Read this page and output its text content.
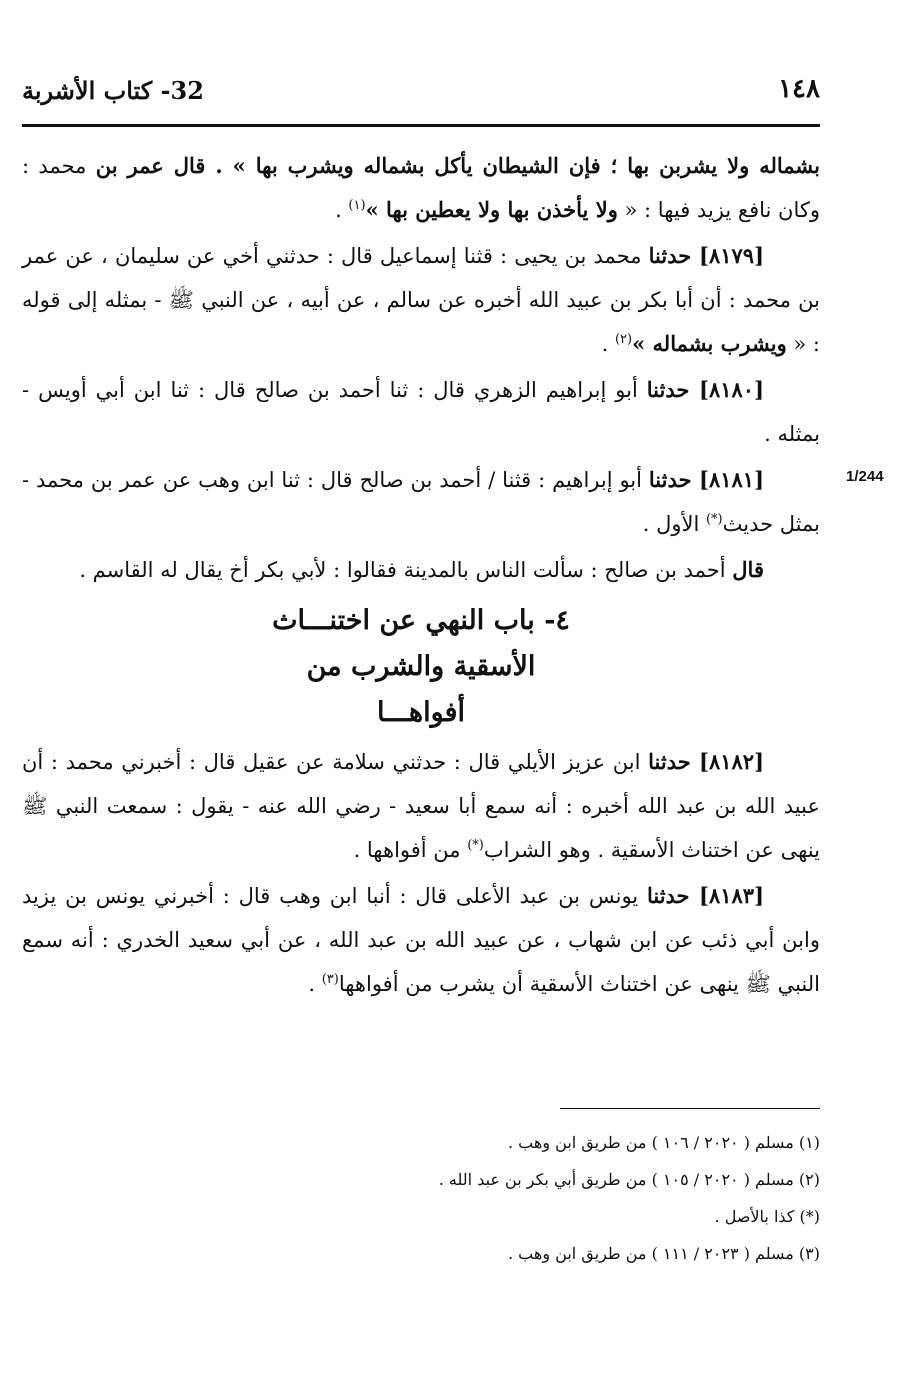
١٤٨
32- كتاب الأشربة
1/244

بشماله ولا يشربن بها ؛ فإن الشيطان يأكل بشماله ويشرب بها » . قال عمر بن محمد : وكان نافع يزيد فيها : « ولا يأخذن بها ولا يعطين بها »$^{(١)}$ .

[٨١٧٩] حدثنا محمد بن يحيى : قثنا إسماعيل قال : حدثني أخي عن سليمان ، عن عمر بن محمد : أن أبا بكر بن عبيد الله أخبره عن سالم ، عن أبيه ، عن النبي ﷺ - بمثله إلى قوله : « ويشرب بشماله »$^{(٢)}$ .

[٨١٨٠] حدثنا أبو إبراهيم الزهري قال : ثنا أحمد بن صالح قال : ثنا ابن أبي أويس - بمثله .

[٨١٨١] حدثنا أبو إبراهيم : قثنا / أحمد بن صالح قال : ثنا ابن وهب عن عمر بن محمد - بمثل حديث(*) الأول .

قال أحمد بن صالح : سألت الناس بالمدينة فقالوا : لأبي بكر أخ يقال له القاسم .

٤- باب النهي عن اختنـــاث
الأسقية والشرب من
أفواهـــا

[٨١٨٢] حدثنا ابن عزيز الأيلي قال : حدثني سلامة عن عقيل قال : أخبرني محمد : أن عبيد الله بن عبد الله أخبره : أنه سمع أبا سعيد - رضي الله عنه - يقول : سمعت النبي ﷺ ينهى عن اختناث الأسقية . وهو الشراب(*) من أفواهها .

[٨١٨٣] حدثنا يونس بن عبد الأعلى قال : أنبا ابن وهب قال : أخبرني يونس بن يزيد وابن أبي ذئب عن ابن شهاب ، عن عبيد الله بن عبد الله ، عن أبي سعيد الخدري : أنه سمع النبي ﷺ ينهى عن اختناث الأسقية أن يشرب من أفواهها$^{(٣)}$ .

(١) مسلم ( ٢٠٢٠ / ١٠٦ ) من طريق ابن وهب .

(٢) مسلم ( ٢٠٢٠ / ١٠٥ ) من طريق أبي بكر بن عبد الله .

(*) كذا بالأصل .

(٣) مسلم ( ٢٠٢٣ / ١١١ ) من طريق ابن وهب .
